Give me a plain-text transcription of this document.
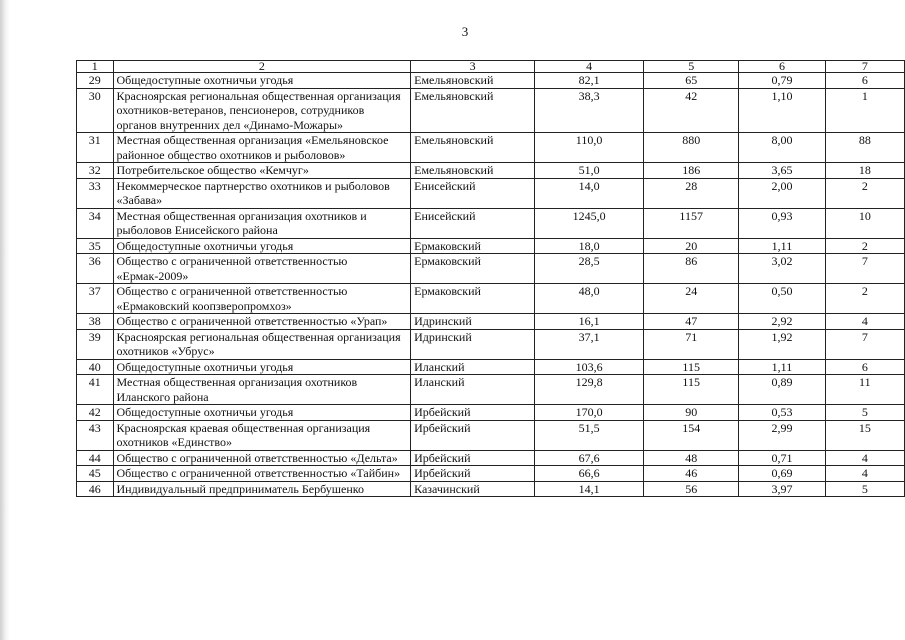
3
1	2	3	4	5	6	7
29	Общедоступные охотничьи угодья	Емельяновский	82,1	65	0,79	6
30	Красноярская региональная общественная организация охотников-ветеранов, пенсионеров, сотрудников органов внутренних дел «Динамо-Можары»	Емельяновский	38,3	42	1,10	1
31	Местная общественная организация «Емельяновское районное общество охотников и рыболовов»	Емельяновский	110,0	880	8,00	88
32	Потребительское общество «Кемчуг»	Емельяновский	51,0	186	3,65	18
33	Некоммерческое партнерство охотников и рыболовов «Забава»	Енисейский	14,0	28	2,00	2
34	Местная общественная организация охотников и рыболовов Енисейского района	Енисейский	1245,0	1157	0,93	10
35	Общедоступные охотничьи угодья	Ермаковский	18,0	20	1,11	2
36	Общество с ограниченной ответственностью «Ермак-2009»	Ермаковский	28,5	86	3,02	7
37	Общество с ограниченной ответственностью «Ермаковский коопзверопромхоз»	Ермаковский	48,0	24	0,50	2
38	Общество с ограниченной ответственностью «Урап»	Идринский	16,1	47	2,92	4
39	Красноярская региональная общественная организация охотников «Убрус»	Идринский	37,1	71	1,92	7
40	Общедоступные охотничьи угодья	Иланский	103,6	115	1,11	6
41	Местная общественная организация охотников Иланского района	Иланский	129,8	115	0,89	11
42	Общедоступные охотничьи угодья	Ирбейский	170,0	90	0,53	5
43	Красноярская краевая общественная организация охотников «Единство»	Ирбейский	51,5	154	2,99	15
44	Общество с ограниченной ответственностью «Дельта»	Ирбейский	67,6	48	0,71	4
45	Общество с ограниченной ответственностью «Тайбин»	Ирбейский	66,6	46	0,69	4
46	Индивидуальный предприниматель Бербушенко	Казачинский	14,1	56	3,97	5
